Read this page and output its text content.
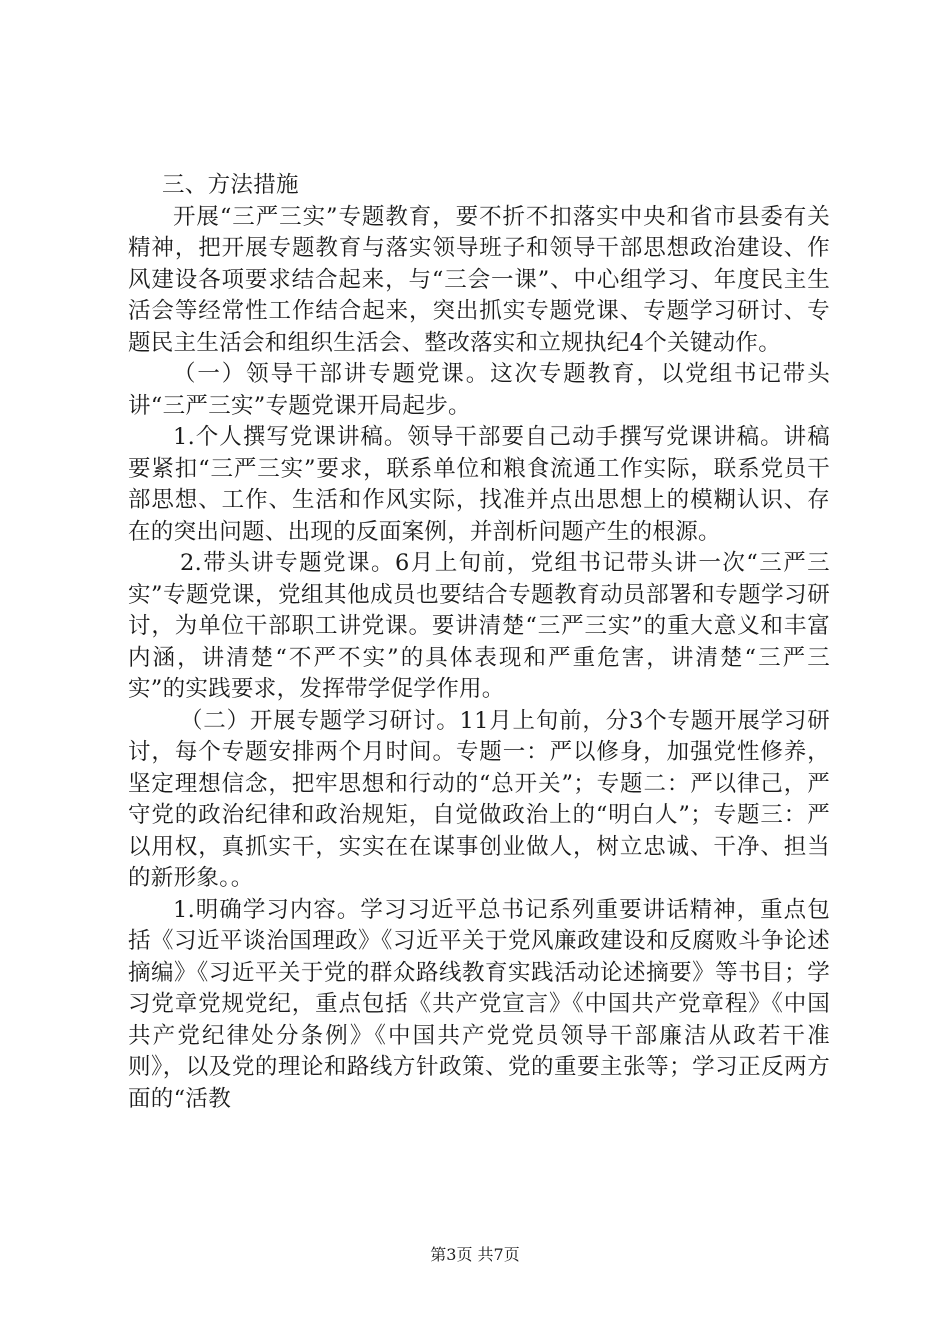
三、方法措施

开展“三严三实”专题教育，要不折不扣落实中央和省市县委有关精神，把开展专题教育与落实领导班子和领导干部思想政治建设、作风建设各项要求结合起来，与“三会一课”、中心组学习、年度民主生活会等经常性工作结合起来，突出抓实专题党课、专题学习研讨、专题民主生活会和组织生活会、整改落实和立规执纪4个关键动作。

（一）领导干部讲专题党课。这次专题教育，以党组书记带头讲“三严三实”专题党课开局起步。

1.个人撰写党课讲稿。领导干部要自己动手撰写党课讲稿。讲稿要紧扣“三严三实”要求，联系单位和粮食流通工作实际，联系党员干部思想、工作、生活和作风实际，找准并点出思想上的模糊认识、存在的突出问题、出现的反面案例，并剖析问题产生的根源。

2.带头讲专题党课。6月上旬前，党组书记带头讲一次“三严三实”专题党课，党组其他成员也要结合专题教育动员部署和专题学习研讨，为单位干部职工讲党课。要讲清楚“三严三实”的重大意义和丰富内涵，讲清楚“不严不实”的具体表现和严重危害，讲清楚“三严三实”的实践要求，发挥带学促学作用。

（二）开展专题学习研讨。11月上旬前，分3个专题开展学习研讨，每个专题安排两个月时间。专题一：严以修身，加强党性修养，坚定理想信念，把牢思想和行动的“总开关”；专题二：严以律己，严守党的政治纪律和政治规矩，自觉做政治上的“明白人”；专题三：严以用权，真抓实干，实实在在谋事创业做人，树立忠诚、干净、担当的新形象。。

1.明确学习内容。学习习近平总书记系列重要讲话精神，重点包括《习近平谈治国理政》《习近平关于党风廉政建设和反腐败斗争论述摘编》《习近平关于党的群众路线教育实践活动论述摘要》等书目；学习党章党规党纪，重点包括《共产党宣言》《中国共产党章程》《中国共产党纪律处分条例》《中国共产党党员领导干部廉洁从政若干准则》，以及党的理论和路线方针政策、党的重要主张等；学习正反两方面的“活教

第3页 共7页
